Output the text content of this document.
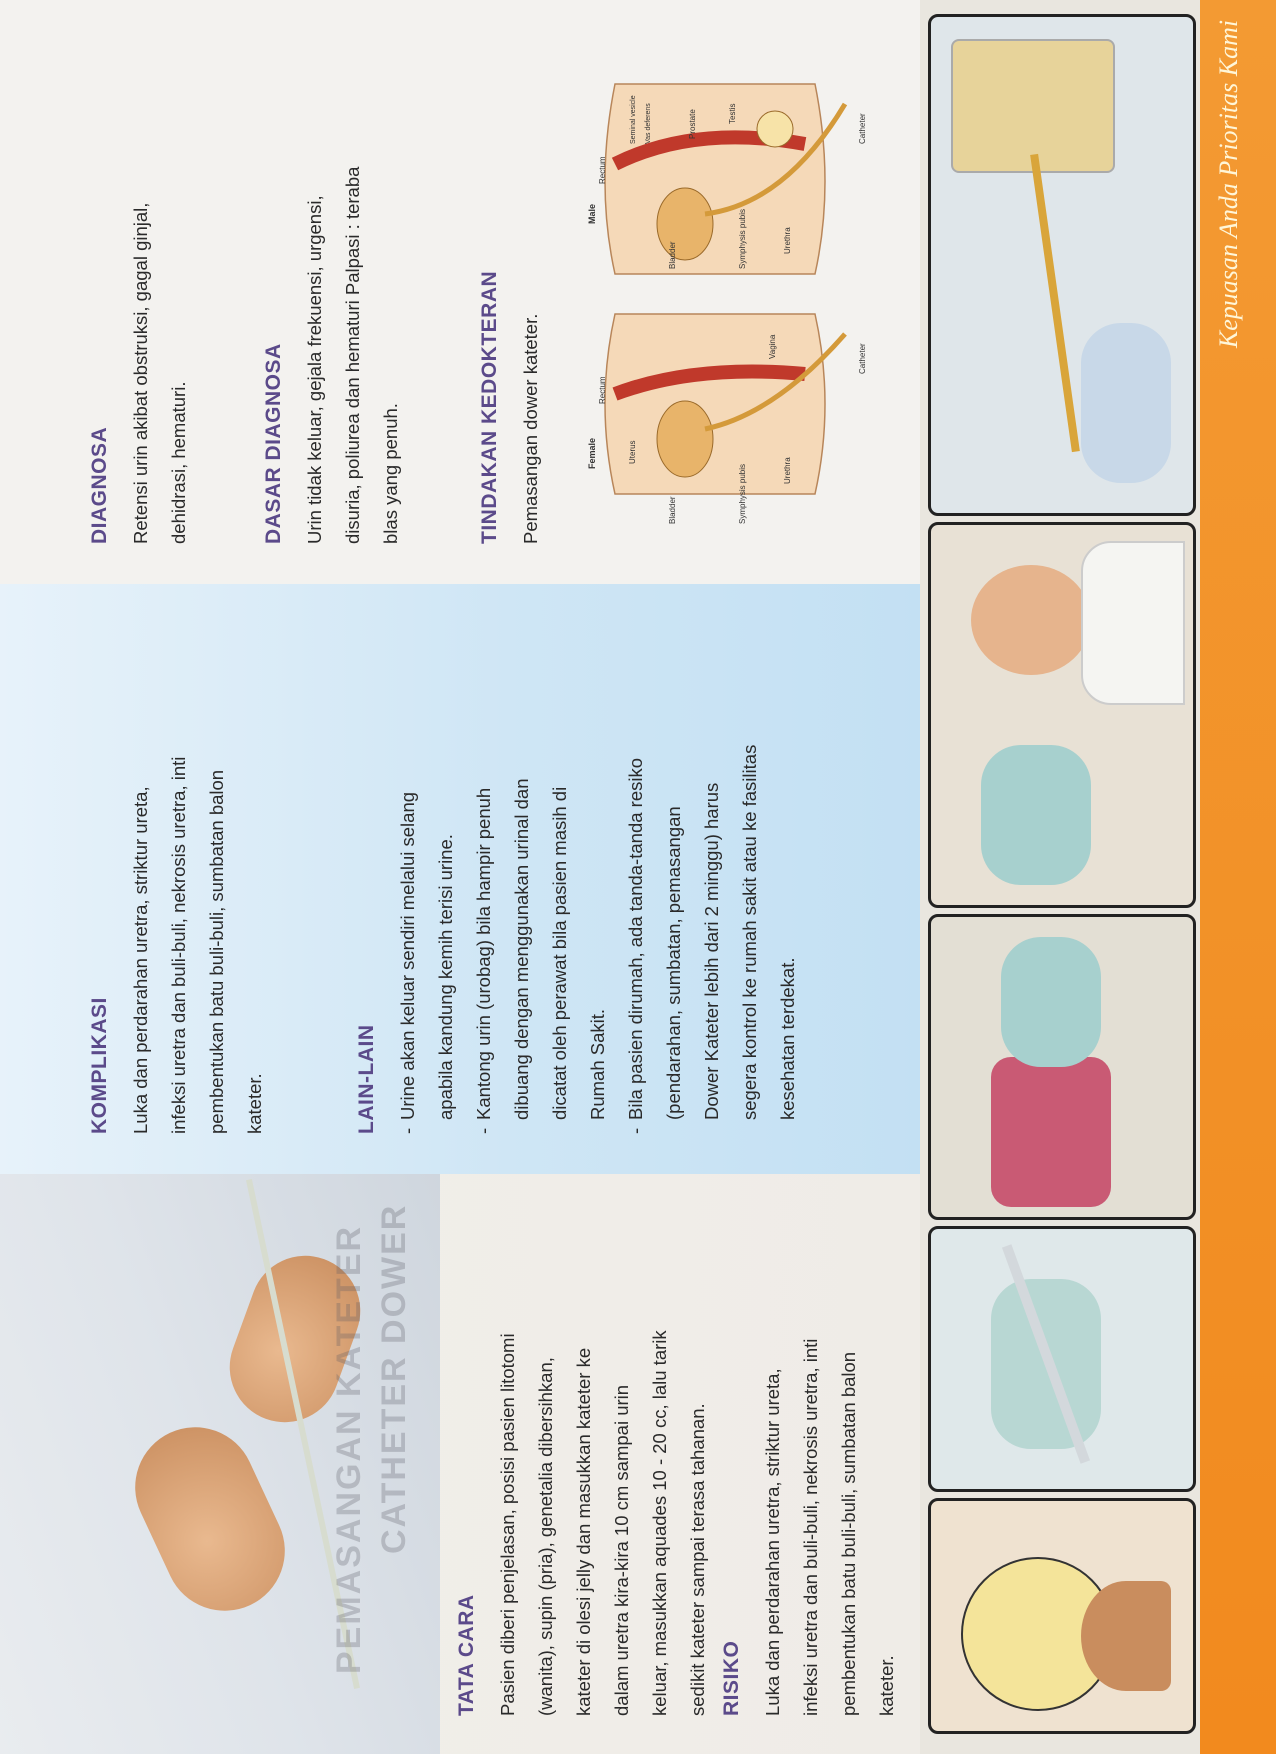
PEMASANGAN KATETER CATHETER DOWER
TATA CARA	Pasien diberi penjelasan, posisi pasien litotomi (wanita), supin (pria), genetalia dibersihkan, kateter di olesi jelly dan masukkan kateter ke dalam uretra kira-kira 10 cm sampai urin keluar, masukkan aquades 10 - 20 cc, lalu tarik sedikit kateter sampai terasa tahanan. RISIKO	Luka dan perdarahan uretra, striktur ureta, infeksi uretra dan buli-buli, nekrosis uretra, inti pembentukan batu buli-buli, sumbatan balon kateter.

KOMPLIKASI	Luka dan perdarahan uretra, striktur ureta, infeksi uretra dan buli-buli, nekrosis uretra, inti pembentukan batu buli-buli, sumbatan balon kateter.	LAIN-LAIN	- Urine akan keluar sendiri melalui selang apabila kandung kemih terisi urine. - Kantong urin (urobag) bila hampir penuh dibuang dengan menggunakan urinal dan dicatat oleh perawat bila pasien masih di Rumah Sakit. - Bila pasien dirumah, ada tanda-tanda resiko (pendarahan, sumbatan, pemasangan Dower Kateter lebih dari 2 minggu) harus segera kontrol ke rumah sakit atau ke fasilitas kesehatan terdekat.

DIAGNOSA	Retensi urin akibat obstruksi, gagal ginjal, dehidrasi, hematuri.	DASAR DIAGNOSA	Urin tidak keluar, gejala frekuensi, urgensi, disuria, poliurea dan hematuri Palpasi : teraba blas yang penuh.	TINDAKAN KEDOKTERAN	Pemasangan dower kateter.	Female
Bladder
Uterus
Rectum
Vagina
Symphysis pubis	Urethra
Catheter
Male
Bladder
Rectum
Seminal vesicle Vas deferens
Symphysis pubis	Urethra
Prostate	Testis	Catheter	Kepuasan Anda Prioritas Kami
